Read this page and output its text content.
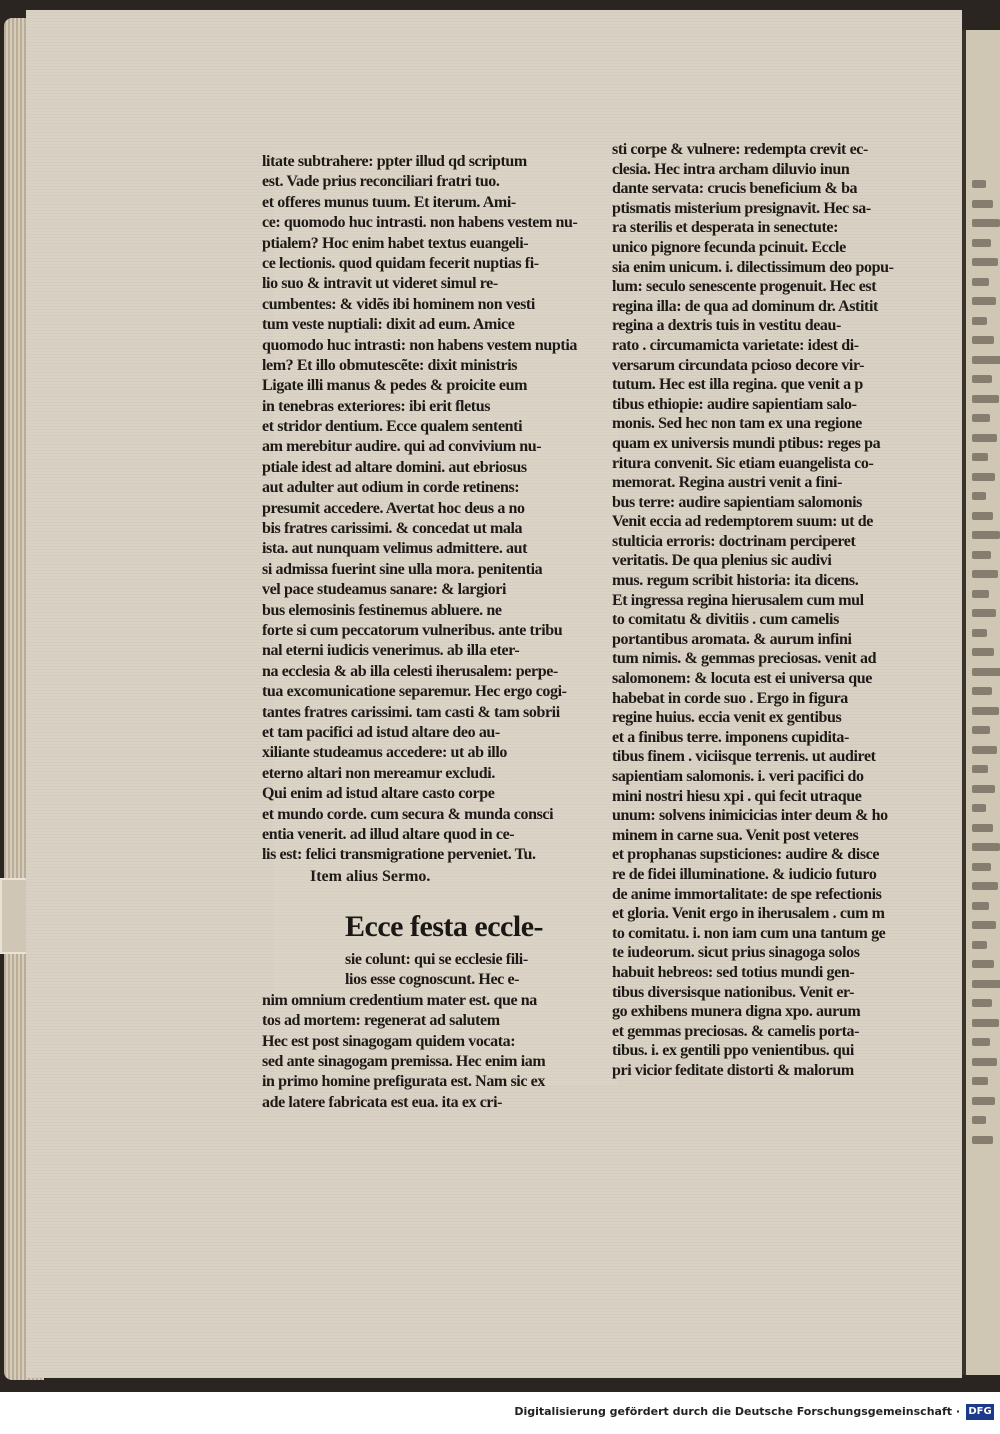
litate subtrahere: ppter illud qd scriptum
est. Vade prius reconciliari fratri tuo.
et offeres munus tuum. Et iterum. Ami-
ce: quomodo huc intrasti. non habens vestem nu-
ptialem? Hoc enim habet textus euangeli-
ce lectionis. quod quidam fecerit nuptias fi-
lio suo & intravit ut videret simul re-
cumbentes: & vidẽs ibi hominem non vesti
tum veste nuptiali: dixit ad eum. Amice
quomodo huc intrasti: non habens vestem nuptia
lem? Et illo obmutescẽte: dixit ministris
Ligate illi manus & pedes & proicite eum
in tenebras exteriores: ibi erit fletus
et stridor dentium. Ecce qualem sententi
am merebitur audire. qui ad convivium nu-
ptiale idest ad altare domini. aut ebriosus
aut adulter aut odium in corde retinens:
presumit accedere. Avertat hoc deus a no
bis fratres carissimi. & concedat ut mala
ista. aut nunquam velimus admittere. aut
si admissa fuerint sine ulla mora. penitentia
vel pace studeamus sanare: & largiori
bus elemosinis festinemus abluere. ne
forte si cum peccatorum vulneribus. ante tribu
nal eterni iudicis venerimus. ab illa eter-
na ecclesia & ab illa celesti iherusalem: perpe-
tua excomunicatione separemur. Hec ergo cogi-
tantes fratres carissimi. tam casti & tam sobrii
et tam pacifici ad istud altare deo au-
xiliante studeamus accedere: ut ab illo
eterno altari non mereamur excludi.
Qui enim ad istud altare casto corpe
et mundo corde. cum secura & munda consci
entia venerit. ad illud altare quod in ce-
lis est: felici transmigratione perveniet. Tu.
Item alius Sermo.
Ecce festa eccle-
sie colunt: qui se ecclesie fili-
lios esse cognoscunt. Hec e-
nim omnium credentium mater est. que na
tos ad mortem: regenerat ad salutem
Hec est post sinagogam quidem vocata:
sed ante sinagogam premissa. Hec enim iam
in primo homine prefigurata est. Nam sic ex
ade latere fabricata est eua. ita ex cri-
sti corpe & vulnere: redempta crevit ec-
clesia. Hec intra archam diluvio inun
dante servata: crucis beneficium & ba
ptismatis misterium presignavit. Hec sa-
ra sterilis et desperata in senectute:
unico pignore fecunda pcinuit. Eccle
sia enim unicum. i. dilectissimum deo popu-
lum: seculo senescente progenuit. Hec est
regina illa: de qua ad dominum dr. Astitit
regina a dextris tuis in vestitu deau-
rato . circumamicta varietate: idest di-
versarum circundata pcioso decore vir-
tutum. Hec est illa regina. que venit a p
tibus ethiopie: audire sapientiam salo-
monis. Sed hec non tam ex una regione
quam ex universis mundi ptibus: reges pa
ritura convenit. Sic etiam euangelista co-
memorat. Regina austri venit a fini-
bus terre: audire sapientiam salomonis
Venit eccia ad redemptorem suum: ut de
stulticia erroris: doctrinam perciperet
veritatis. De qua plenius sic audivi
mus. regum scribit historia: ita dicens.
Et ingressa regina hierusalem cum mul
to comitatu & divitiis . cum camelis
portantibus aromata. & aurum infini
tum nimis. & gemmas preciosas. venit ad
salomonem: & locuta est ei universa que
habebat in corde suo . Ergo in figura
regine huius. eccia venit ex gentibus
et a finibus terre. imponens cupidita-
tibus finem . viciisque terrenis. ut audiret
sapientiam salomonis. i. veri pacifici do
mini nostri hiesu xpi . qui fecit utraque
unum: solvens inimicicias inter deum & ho
minem in carne sua. Venit post veteres
et prophanas supsticiones: audire & disce
re de fidei illuminatione. & iudicio futuro
de anime immortalitate: de spe refectionis
et gloria. Venit ergo in iherusalem . cum m
to comitatu. i. non iam cum una tantum ge
te iudeorum. sicut prius sinagoga solos
habuit hebreos: sed totius mundi gen-
tibus diversisque nationibus. Venit er-
go exhibens munera digna xpo. aurum
et gemmas preciosas. & camelis porta-
tibus. i. ex gentili ppo venientibus. qui
pri vicior feditate distorti & malorum
Digitalisierung gefördert durch die Deutsche Forschungsgemeinschaft · DFG
